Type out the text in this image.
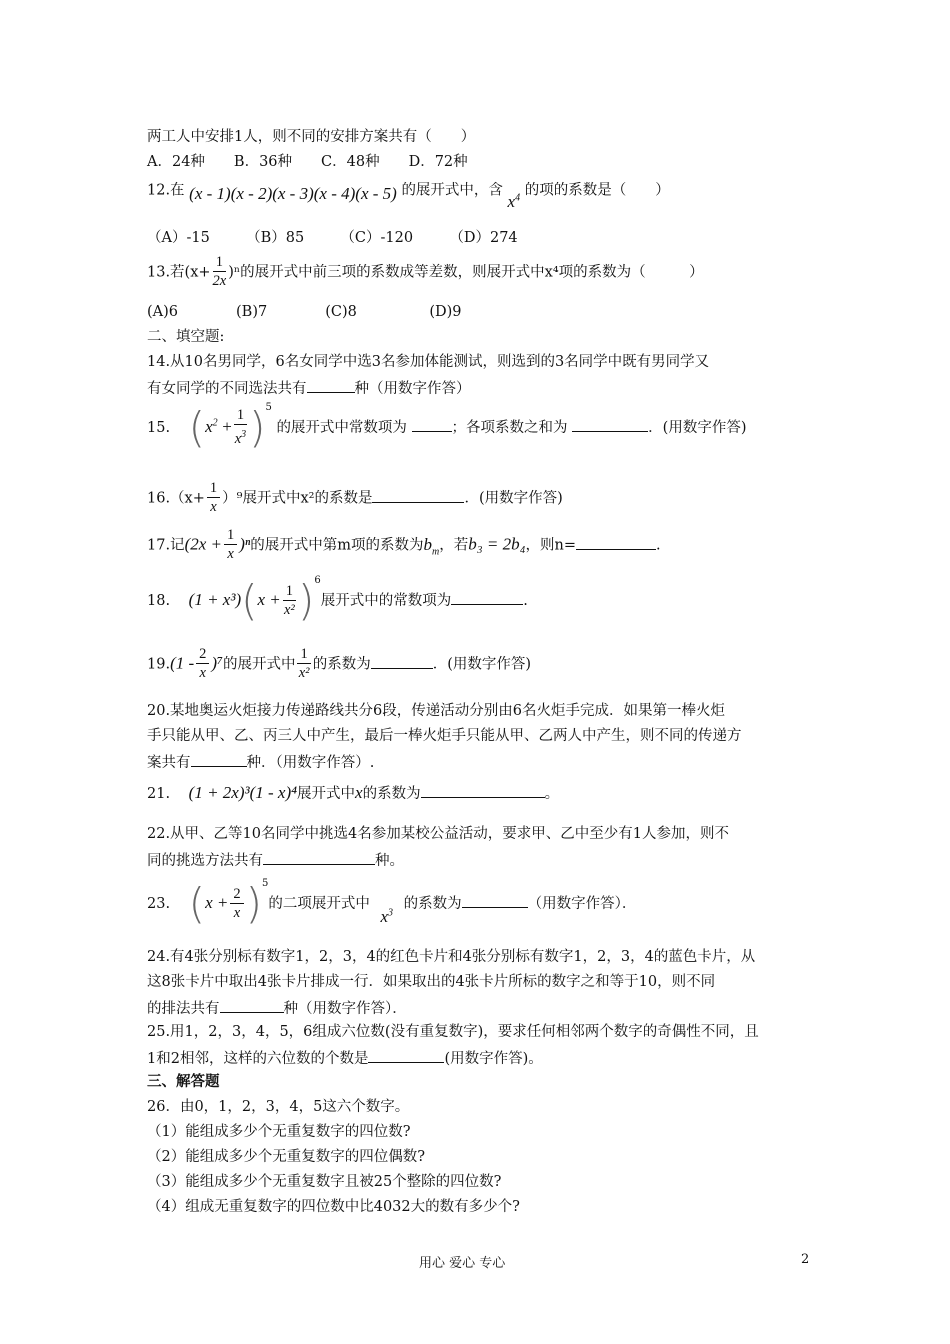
两工人中安排1人，则不同的安排方案共有（　　）
A．24种　　B．36种　　C．48种　　D．72种
12.在 (x - 1)(x - 2)(x - 3)(x - 4)(x - 5) 的展开式中，含 $x^4$ 的项的系数是（　　）
（A）-15　　　（B）85　　　（C）-120　　　（D）274
13.若$(x+ \frac{1}{2x} )^n$的展开式中前三项的系数成等差数，则展开式中x⁴项的系数为（　　　）
(A)6　　　　(B)7　　　　(C)8　　　　　(D)9
二、填空题:
14.从10名男同学，6名女同学中选3名参加体能测试，则选到的3名同学中既有男同学又
有女同学的不同选法共有	种（用数字作答）
15. $(x^2 + \frac{1}{x^3} )^5$ 的展开式中常数项为	；各项系数之和为	．(用数字作答)
$16.(x+ \frac{1}{x} )^9$展开式中x²的系数是	．(用数字作答)
17.记$(2x + \frac{1}{x} )^n$的展开式中第m项的系数为$b_m$，若b₃ = 2b₄，则n=	.
18. $(1 + x^3)(x + \frac{1}{\text{x²}} )^6$展开式中的常数项为	.
$19.(1 - \frac{2}{x} )^7$的展开式中 $\frac{1}{\text{x²}}$ 的系数为	．(用数字作答)
20.某地奥运火炬接力传递路线共分6段，传递活动分别由6名火炬手完成．如果第一棒火炬
手只能从甲、乙、丙三人中产生，最后一棒火炬手只能从甲、乙两人中产生，则不同的传递方
案共有	种．（用数字作答）.
21. (1 + 2x)³(1 - x)⁴展开式中x的系数为	。
22.从甲、乙等10名同学中挑选4名参加某校公益活动，要求甲、乙中至少有1人参加，则不
同的挑选方法共有	种。
23. $(x + \frac{2}{x} )^5$的二项展开式中 $x^3$ 的系数为	（用数字作答）．
24.有4张分别标有数字1，2，3，4的红色卡片和4张分别标有数字1，2，3，4的蓝色卡片，从
这8张卡片中取出4张卡片排成一行．如果取出的4张卡片所标的数字之和等于10，则不同
的排法共有	种（用数字作答）．
25.用1，2，3，4，5，6组成六位数(没有重复数字)，要求任何相邻两个数字的奇偶性不同，且
1和2相邻，这样的六位数的个数是	(用数字作答)。
三、解答题
26．由0，1，2，3，4，5这六个数字。
（1）能组成多少个无重复数字的四位数?
（2）能组成多少个无重复数字的四位偶数?
（3）能组成多少个无重复数字且被25个整除的四位数?
（4）组成无重复数字的四位数中比4032大的数有多少个?
用心 爱心 专心	2
